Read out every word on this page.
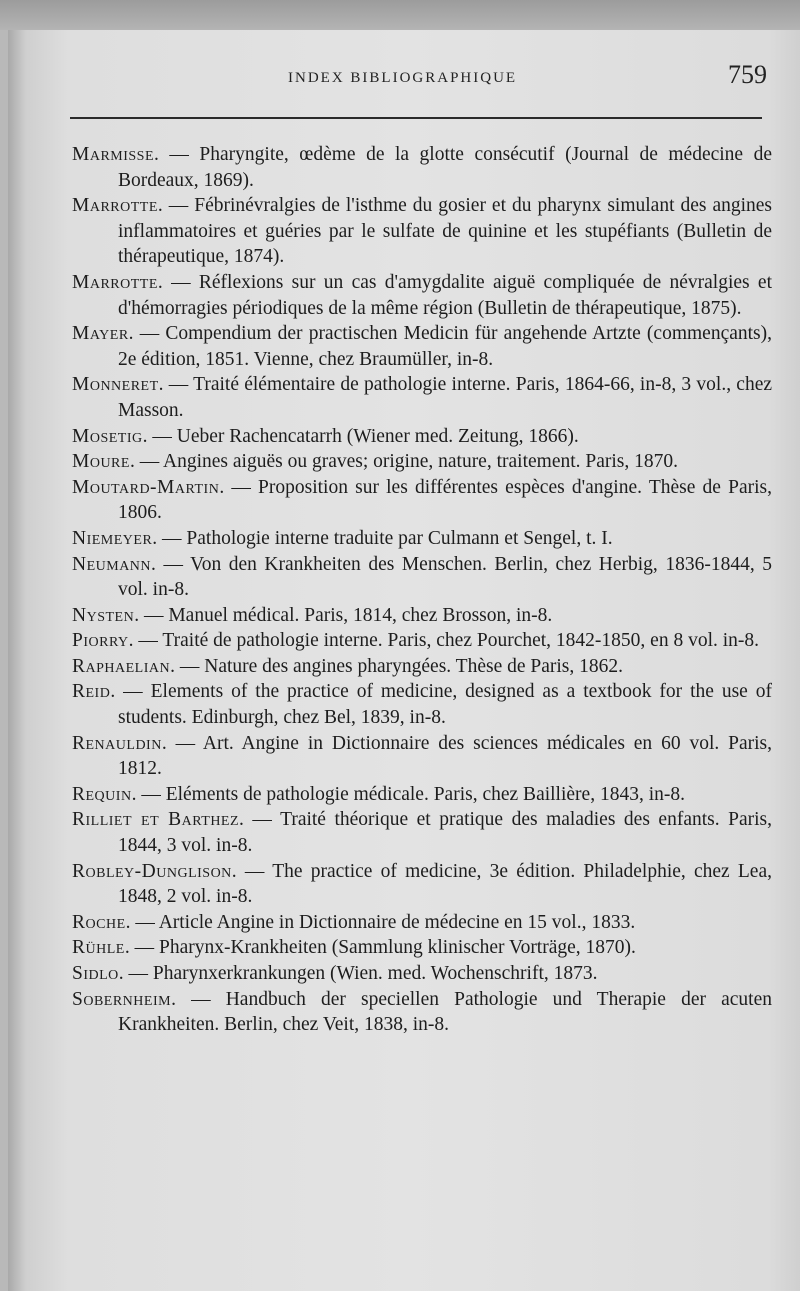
INDEX BIBLIOGRAPHIQUE	759

Marmisse. — Pharyngite, œdème de la glotte consécutif (Journal de médecine de Bordeaux, 1869).

Marrotte. — Fébrinévralgies de l'isthme du gosier et du pharynx simulant des angines inflammatoires et guéries par le sulfate de quinine et les stupéfiants (Bulletin de thérapeutique, 1874).

Marrotte. — Réflexions sur un cas d'amygdalite aiguë compliquée de névralgies et d'hémorragies périodiques de la même région (Bulletin de thérapeutique, 1875).

Mayer. — Compendium der practischen Medicin für angehende Artzte (commençants), 2e édition, 1851. Vienne, chez Braumüller, in-8.

Monneret. — Traité élémentaire de pathologie interne. Paris, 1864-66, in-8, 3 vol., chez Masson.

Mosetig. — Ueber Rachencatarrh (Wiener med. Zeitung, 1866).

Moure. — Angines aiguës ou graves; origine, nature, traitement. Paris, 1870.

Moutard-Martin. — Proposition sur les différentes espèces d'angine. Thèse de Paris, 1806.

Niemeyer. — Pathologie interne traduite par Culmann et Sengel, t. I.

Neumann. — Von den Krankheiten des Menschen. Berlin, chez Herbig, 1836-1844, 5 vol. in-8.

Nysten. — Manuel médical. Paris, 1814, chez Brosson, in-8.

Piorry. — Traité de pathologie interne. Paris, chez Pourchet, 1842-1850, en 8 vol. in-8.

Raphaelian. — Nature des angines pharyngées. Thèse de Paris, 1862.

Reid. — Elements of the practice of medicine, designed as a textbook for the use of students. Edinburgh, chez Bel, 1839, in-8.

Renauldin. — Art. Angine in Dictionnaire des sciences médicales en 60 vol. Paris, 1812.

Requin. — Eléments de pathologie médicale. Paris, chez Baillière, 1843, in-8.

Rilliet et Barthez. — Traité théorique et pratique des maladies des enfants. Paris, 1844, 3 vol. in-8.

Robley-Dunglison. — The practice of medicine, 3e édition. Philadelphie, chez Lea, 1848, 2 vol. in-8.

Roche. — Article Angine in Dictionnaire de médecine en 15 vol., 1833.

Rühle. — Pharynx-Krankheiten (Sammlung klinischer Vorträge, 1870).

Sidlo. — Pharynxerkrankungen (Wien. med. Wochenschrift, 1873.

Sobernheim. — Handbuch der speciellen Pathologie und Therapie der acuten Krankheiten. Berlin, chez Veit, 1838, in-8.
